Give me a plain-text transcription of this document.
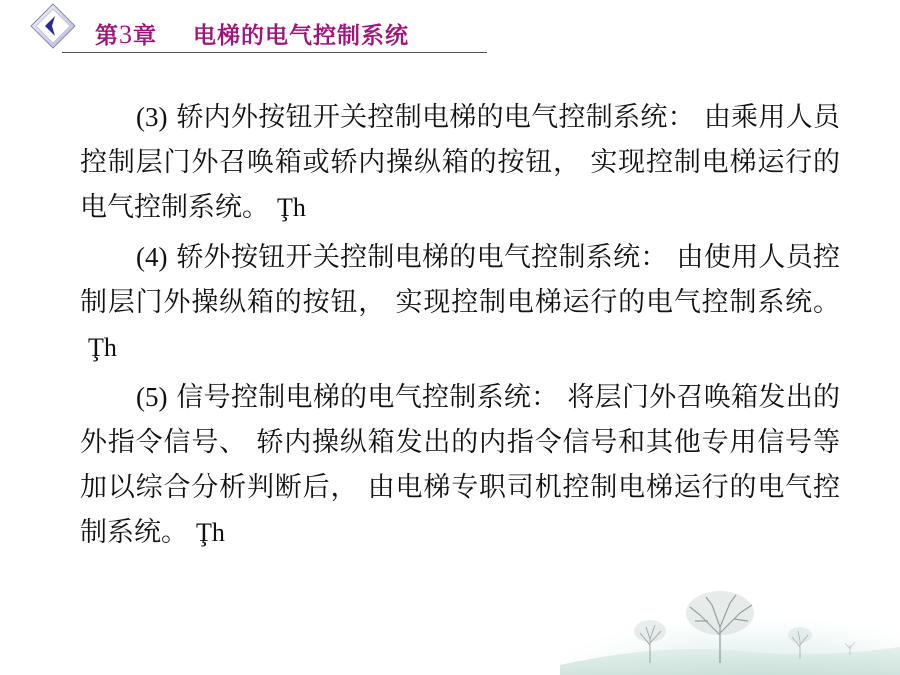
第3章 电梯的电气控制系统

(3) 轿内外按钮开关控制电梯的电气控制系统： 由乘用人员控制层门外召唤箱或轿内操纵箱的按钮， 实现控制电梯运行的电气控制系统。 Ţh

(4) 轿外按钮开关控制电梯的电气控制系统： 由使用人员控制层门外操纵箱的按钮， 实现控制电梯运行的电气控制系统。Ţh

(5) 信号控制电梯的电气控制系统： 将层门外召唤箱发出的外指令信号、 轿内操纵箱发出的内指令信号和其他专用信号等加以综合分析判断后， 由电梯专职司机控制电梯运行的电气控制系统。 Ţh
